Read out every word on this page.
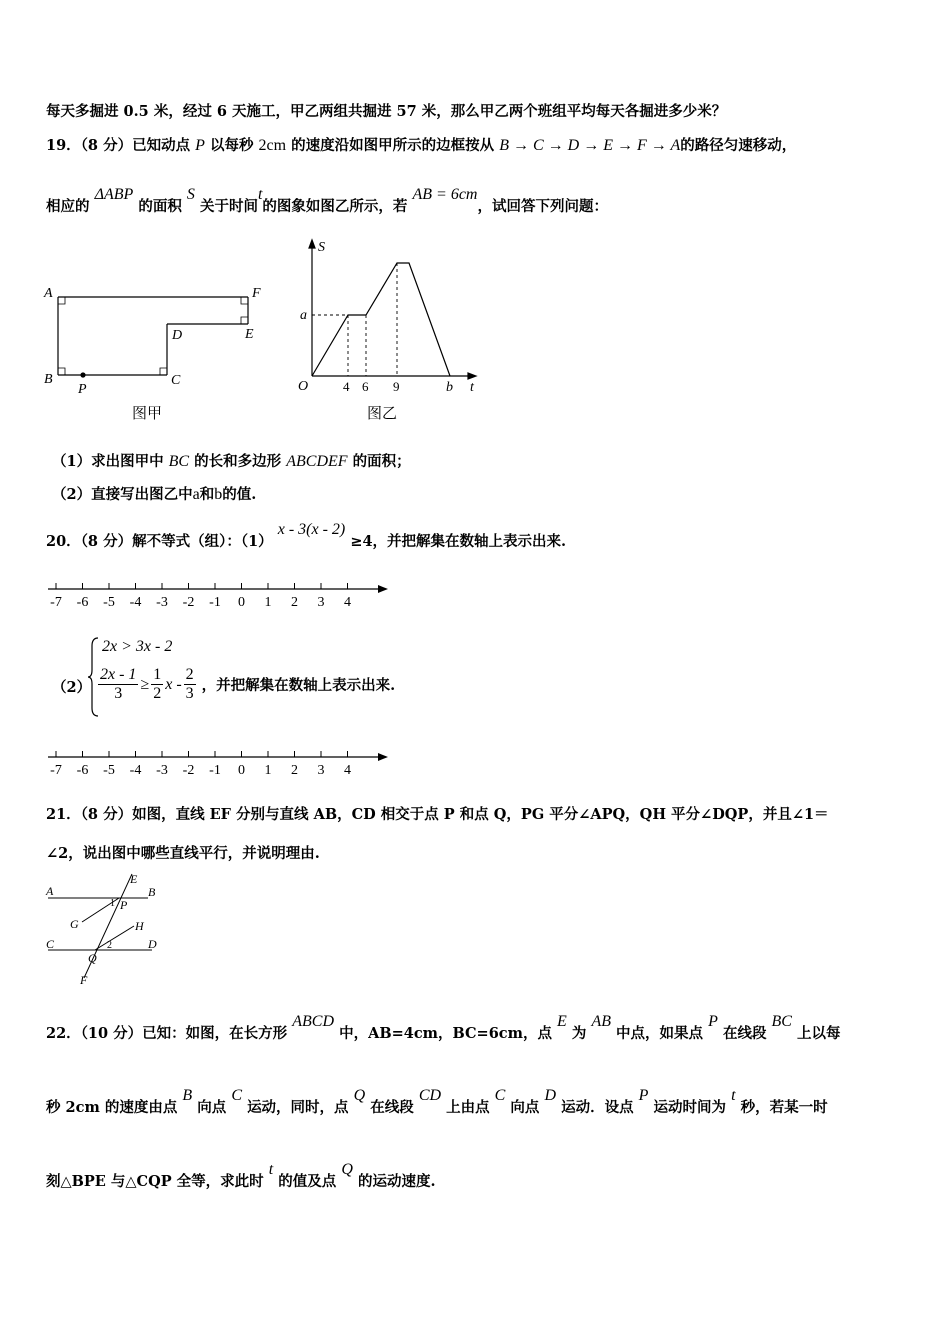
每天多掘进 0.5 米，经过 6 天施工，甲乙两组共掘进 57 米，那么甲乙两个班组平均每天各掘进多少米？
19．（8 分）已知动点 P 以每秒 2cm 的速度沿如图甲所示的边框按从 B → C → D → E → F → A的路径匀速移动，
相应的 ΔABP 的面积 S 关于时间t的图象如图乙所示，若 AB = 6cm，试回答下列问题：
A
B
P
C
D	E
F
图甲
S
a
O	4 6 9	b t
图乙
（1）求出图甲中 BC 的长和多边形 ABCDEF 的面积；
（2）直接写出图乙中a和b的值.
20．（8 分）解不等式（组）：（1） x - 3(x - 2) ≥4，并把解集在数轴上表示出来.
-7 -6 -5 -4 -3 -2 -1 0 1 2 3 4
（2）
2x > 3x - 2
$\frac{2x - 1}{3} \ge \frac{1}{2}$ x - $\frac{2}{3}$ ，并把解集在数轴上表示出来.
-7 -6 -5 -4 -3 -2 -1 0 1 2 3 4
21．（8 分）如图，直线 EF 分别与直线 AB，CD 相交于点 P 和点 Q，PG 平分∠APQ，QH 平分∠DQP，并且∠1＝
∠2，说出图中哪些直线平行，并说明理由.
A	B
E
P
1
G	H
C	2	D
Q
F
22．（10 分）已知：如图，在长方形 ABCD 中，AB=4cm，BC=6cm，点 E 为 AB 中点，如果点 P 在线段 BC 上以每
秒 2cm 的速度由点 B 向点 C 运动，同时，点 Q 在线段 CD 上由点 C 向点 D 运动．设点 P 运动时间为 t 秒，若某一时
刻△BPE 与△CQP 全等，求此时 t 的值及点 Q 的运动速度.
